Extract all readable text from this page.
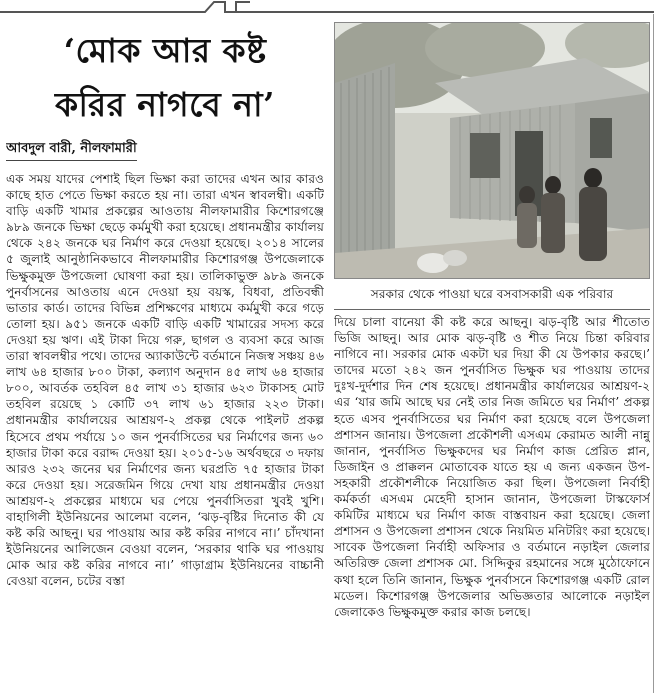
‘মোক আর কষ্ট
করির নাগবে না’
আবদুল বারী, নীলফামারী

এক সময় যাদের পেশাই ছিল ভিক্ষা করা তাদের এখন আর কারও কাছে হাত পেতে ভিক্ষা করতে হয় না। তারা এখন স্বাবলম্বী। একটি বাড়ি একটি খামার প্রকল্পের আওতায় নীলফামারীর কিশোরগঞ্জে ৯৮৯ জনকে ভিক্ষা ছেড়ে কর্মমুখী করা হয়েছে। প্রধানমন্ত্রীর কার্যালয় থেকে ২৪২ জনকে ঘর নির্মাণ করে দেওয়া হয়েছে। ২০১৪ সালের ৫ জুলাই আনুষ্ঠানিকভাবে নীলফামারীর কিশোরগঞ্জ উপজেলাকে ভিক্ষুকমুক্ত উপজেলা ঘোষণা করা হয়। তালিকাভুক্ত ৯৮৯ জনকে পুনর্বাসনের আওতায় এনে দেওয়া হয় বয়স্ক, বিধবা, প্রতিবন্ধী ভাতার কার্ড। তাদের বিভিন্ন প্রশিক্ষণের মাধ্যমে কর্মমুখী করে গড়ে তোলা হয়। ৯৫১ জনকে একটি বাড়ি একটি খামারের সদস্য করে দেওয়া হয় ঋণ। এই টাকা দিয়ে গরু, ছাগল ও ব্যবসা করে আজ তারা স্বাবলম্বীর পথে। তাদের অ্যাকাউন্টে বর্তমানে নিজস্ব সঞ্চয় ৪৬ লাখ ৬৪ হাজার ৮০০ টাকা, কল্যাণ অনুদান ৪৫ লাখ ৬৪ হাজার ৮০০, আবর্তক তহবিল ৪৫ লাখ ৩১ হাজার ৬২৩ টাকাসহ মোট তহবিল রয়েছে ১ কোটি ৩৭ লাখ ৬১ হাজার ২২৩ টাকা। প্রধানমন্ত্রীর কার্যালয়ের আশ্রয়ণ-২ প্রকল্প থেকে পাইলট প্রকল্প হিসেবে প্রথম পর্যায়ে ১০ জন পুনর্বাসিতের ঘর নির্মাণের জন্য ৬০ হাজার টাকা করে বরাদ্দ দেওয়া হয়। ২০১৫-১৬ অর্থবছরে ৩ দফায় আরও ২৩২ জনের ঘর নির্মাণের জন্য ঘরপ্রতি ৭৫ হাজার টাকা করে দেওয়া হয়। সরেজমিন গিয়ে দেখা যায় প্রধানমন্ত্রীর দেওয়া আশ্রয়ণ-২ প্রকল্পের মাধ্যমে ঘর পেয়ে পুনর্বাসিতরা খুবই খুশি। বাহাগিলী ইউনিয়নের আলেমা বলেন, ‘ঝড়-বৃষ্টির দিনোত কী যে কষ্ট করি আছনু। ঘর পাওয়ায় আর কষ্ট করির নাগবে না।’ চাঁদখানা ইউনিয়নের আলিজেন বেওয়া বলেন, ‘সরকার থাকি ঘর পাওয়ায় মোক আর কষ্ট করির নাগবে না।’ গাড়াগ্রাম ইউনিয়নের বাচ্চানী বেওয়া বলেন, চটের বস্তা

সরকার থেকে পাওয়া ঘরে বসবাসকারী এক পরিবার

দিয়ে চালা বানেয়া কী কষ্ট করে আছনু। ঝড়-বৃষ্টি আর শীতোত ভিজি আছনু। আর মোক ঝড়-বৃষ্টি ও শীত নিয়ে চিন্তা করিবার নাগিবে না। সরকার মোক একটা ঘর দিয়া কী যে উপকার করছে।’ তাদের মতো ২৪২ জন পুনর্বাসিত ভিক্ষুক ঘর পাওয়ায় তাদের দুঃখ-দুর্দশার দিন শেষ হয়েছে। প্রধানমন্ত্রীর কার্যালয়ের আশ্রয়ণ-২ এর ‘যার জমি আছে ঘর নেই তার নিজ জমিতে ঘর নির্মাণ’ প্রকল্প হতে এসব পুনর্বাসিতের ঘর নির্মাণ করা হয়েছে বলে উপজেলা প্রশাসন জানায়। উপজেলা প্রকৌশলী এসএম কেরামত আলী নান্নু জানান, পুনর্বাসিত ভিক্ষুকদের ঘর নির্মাণ কাজ প্রেরিত প্লান, ডিজাইন ও প্রাক্কলন মোতাবেক যাতে হয় এ জন্য একজন উপ-সহকারী প্রকৌশলীকে নিয়োজিত করা ছিল। উপজেলা নির্বাহী কর্মকর্তা এসএম মেহেদী হাসান জানান, উপজেলা টাস্কফোর্স কমিটির মাধ্যমে ঘর নির্মাণ কাজ বাস্তবায়ন করা হয়েছে। জেলা প্রশাসন ও উপজেলা প্রশাসন থেকে নিয়মিত মনিটরিং করা হয়েছে। সাবেক উপজেলা নির্বাহী অফিসার ও বর্তমানে নড়াইল জেলার অতিরিক্ত জেলা প্রশাসক মো. সিদ্দিকুর রহমানের সঙ্গে মুঠোফোনে কথা হলে তিনি জানান, ভিক্ষুক পুনর্বাসনে কিশোরগঞ্জ একটি রোল মডেল। কিশোরগঞ্জ উপজেলার অভিজ্ঞতার আলোকে নড়াইল জেলাকেও ভিক্ষুকমুক্ত করার কাজ চলছে।
